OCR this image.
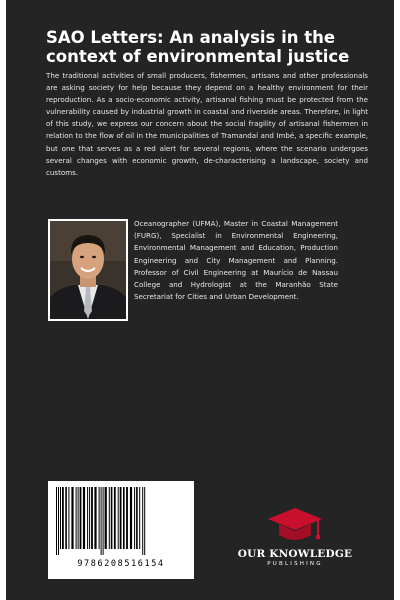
SAO Letters: An analysis in the context of environmental justice

The traditional activities of small producers, fishermen, artisans and other professionals are asking society for help because they depend on a healthy environment for their reproduction. As a socio-economic activity, artisanal fishing must be protected from the vulnerability caused by industrial growth in coastal and riverside areas. Therefore, in light of this study, we express our concern about the social fragility of artisanal fishermen in relation to the flow of oil in the municipalities of Tramandaí and Imbé, a specific example, but one that serves as a red alert for several regions, where the scenario undergoes several changes with economic growth, de-characterising a landscape, society and customs.

Oceanographer (UFMA), Master in Coastal Management (FURG), Specialist in Environmental Engineering, Environmental Management and Education, Production Engineering and City Management and Planning. Professor of Civil Engineering at Maurício de Nassau College and Hydrologist at the Maranhão State Secretariat for Cities and Urban Development.

9786208516154
OUR KNOWLEDGE
PUBLISHING
